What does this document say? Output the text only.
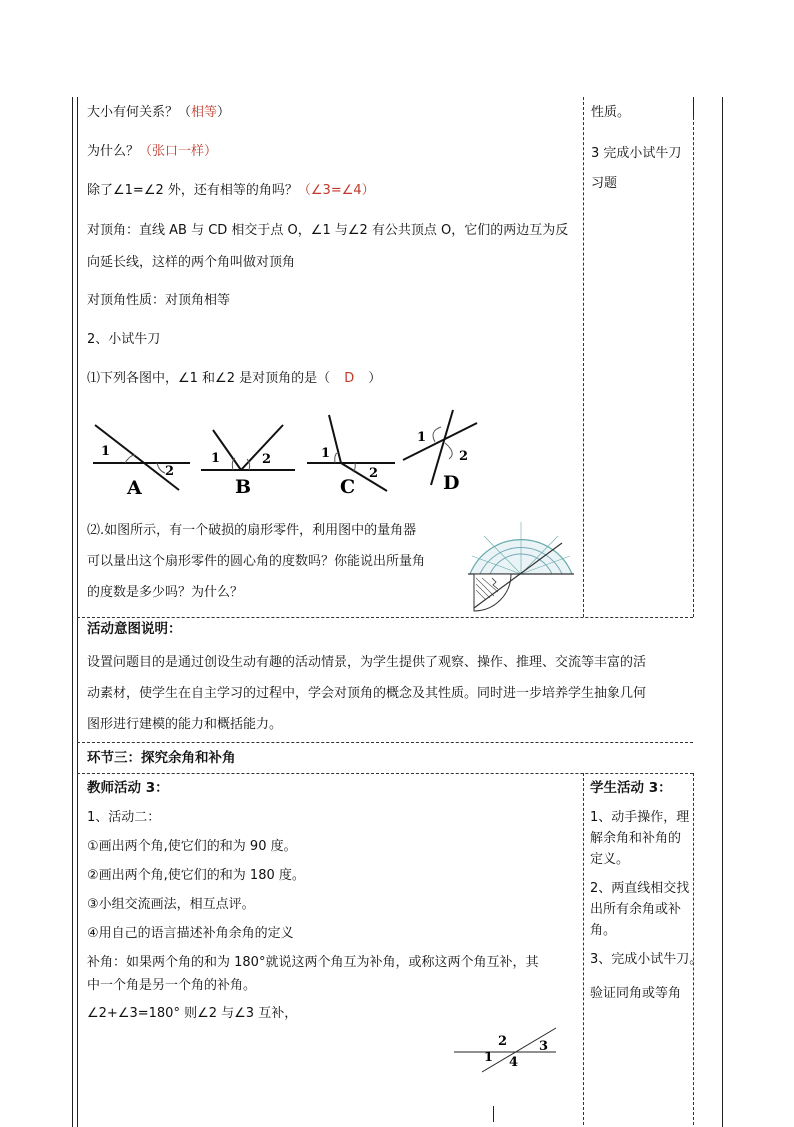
大小有何关系？（相等）
为什么？（张口一样）
除了∠1=∠2 外，还有相等的角吗？（∠3=∠4）
对顶角：直线 AB 与 CD 相交于点 O，∠1 与∠2 有公共顶点 O，它们的两边互为反
向延长线，这样的两个角叫做对顶角
对顶角性质：对顶角相等
2、小试牛刀
⑴下列各图中，∠1 和∠2 是对顶角的是（ D ）
1
2
A
1	2
B
1
2
C
1
2
D
⑵.如图所示，有一个破损的扇形零件，利用图中的量角器
可以量出这个扇形零件的圆心角的度数吗？你能说出所量角
的度数是多少吗？为什么？
性质。
3 完成小试牛刀
习题
活动意图说明：
设置问题目的是通过创设生动有趣的活动情景，为学生提供了观察、操作、推理、交流等丰富的活
动素材，使学生在自主学习的过程中，学会对顶角的概念及其性质。同时进一步培养学生抽象几何
图形进行建模的能力和概括能力。
环节三：探究余角和补角
教师活动 3：
1、活动二：
①画出两个角,使它们的和为 90 度。
②画出两个角,使它们的和为 180 度。
③小组交流画法，相互点评。
④用自己的语言描述补角余角的定义
补角：如果两个角的和为 180°就说这两个角互为补角，或称这两个角互补，其
中一个角是另一个角的补角。
∠2+∠3=180° 则∠2 与∠3 互补，
2 3
1 4
学生活动 3：
1、动手操作，理
解余角和补角的
定义。
2、两直线相交找
出所有余角或补
角。
3、完成小试牛刀。
验证同角或等角
